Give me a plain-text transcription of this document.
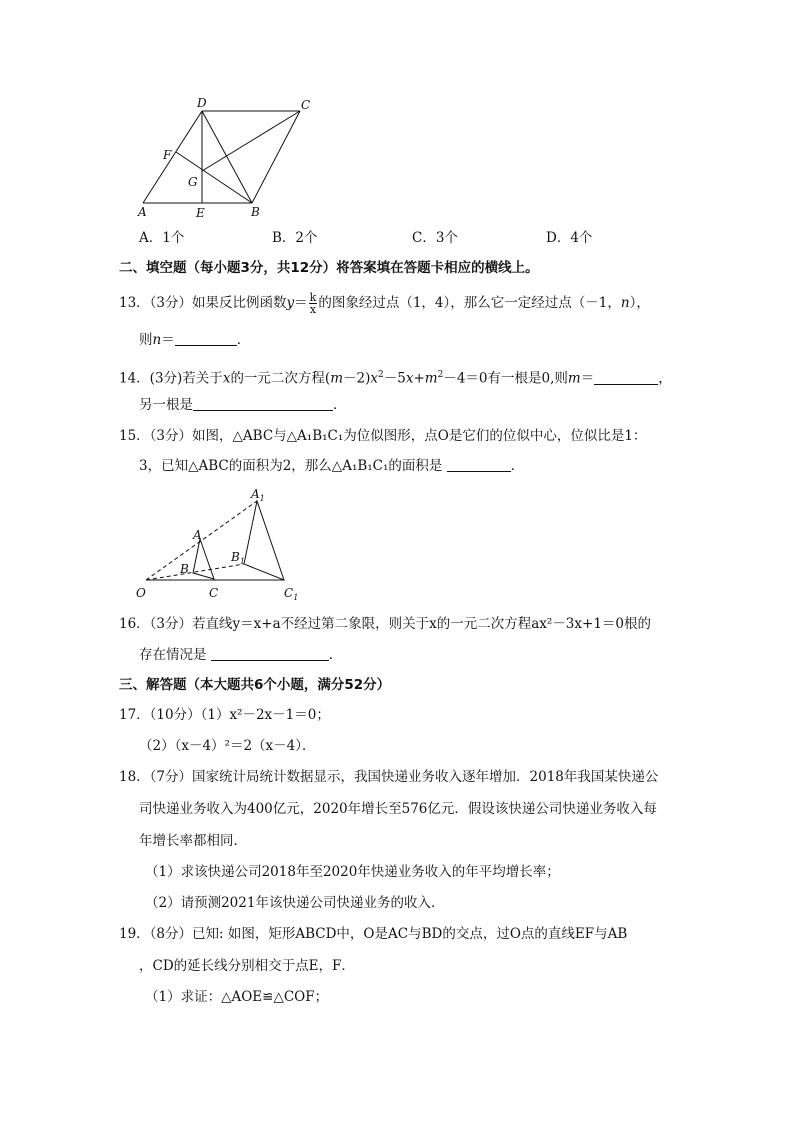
D	C
F
G
A	E	B
A．1个	B．2个	C．3个	D．4个
二、填空题（每小题3分，共12分）将答案填在答题卡相应的横线上。
13．（3分）如果反比例函数$y= \frac{k}{x}$ 的图象经过点（1，4），那么它一定经过点（－1，n），
则n＝	．
14．(3分)若关于x的一元二次方程$(m-2)x^2-5x+m^2-4=0$有一根是0,则m＝	，
另一根是	．
15．（3分）如图，△ABC与△A₁B₁C₁为位似图形，点O是它们的位似中心，位似比是1：
3，已知△ABC的面积为2，那么△A₁B₁C₁的面积是	．
O
A
B
C
$A_1$
$B_1$
$C_1$
16．（3分）若直线y＝x+a不经过第二象限，则关于x的一元二次方程ax²－3x+1＝0根的
存在情况是	．
三、解答题（本大题共6个小题，满分52分）
17．（10分）（1）x²－2x－1＝0；
（2）（x－4）²＝2（x－4）．
18．（7分）国家统计局统计数据显示，我国快递业务收入逐年增加．2018年我国某快递公
司快递业务收入为400亿元，2020年增长至576亿元．假设该快递公司快递业务收入每
年增长率都相同．
（1）求该快递公司2018年至2020年快递业务收入的年平均增长率；
（2）请预测2021年该快递公司快递业务的收入．
19．（8分）已知: 如图，矩形ABCD中，O是AC与BD的交点，过O点的直线EF与AB
，CD的延长线分别相交于点E，F．
（1）求证：△AOE≌△COF；
